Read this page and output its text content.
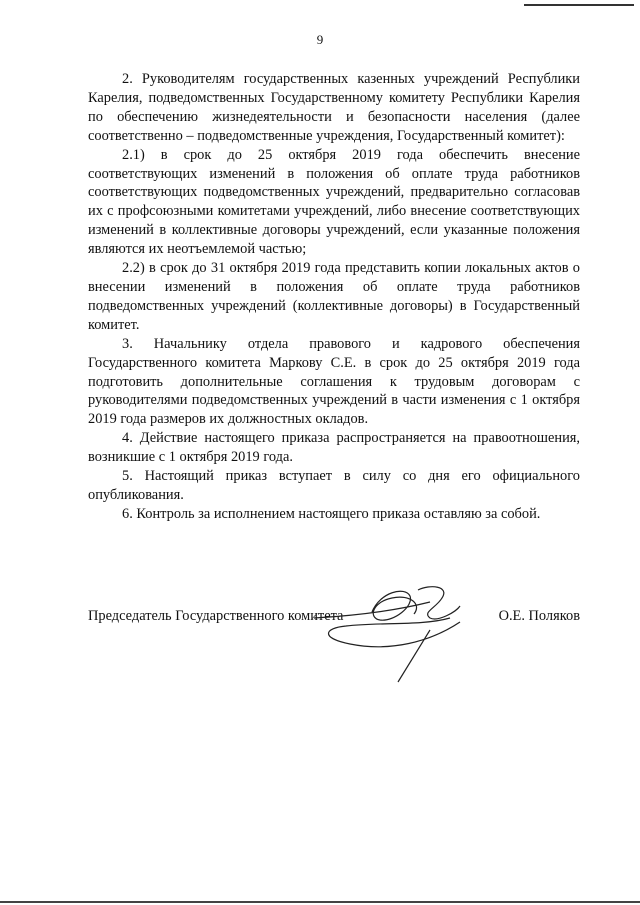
9

2. Руководителям государственных казенных учреждений Республики Карелия, подведомственных Государственному комитету Республики Карелия по обеспечению жизнедеятельности и безопасности населения (далее соответственно – подведомственные учреждения, Государственный комитет):

2.1) в срок до 25 октября 2019 года обеспечить внесение соответствующих изменений в положения об оплате труда работников соответствующих подведомственных учреждений, предварительно согласовав их с профсоюзными комитетами учреждений, либо внесение соответствующих изменений в коллективные договоры учреждений, если указанные положения являются их неотъемлемой частью;

2.2) в срок до 31 октября 2019 года представить копии локальных актов о внесении изменений в положения об оплате труда работников подведомственных учреждений (коллективные договоры) в Государственный комитет.

3. Начальнику отдела правового и кадрового обеспечения Государственного комитета Маркову С.Е. в срок до 25 октября 2019 года подготовить дополнительные соглашения к трудовым договорам с руководителями подведомственных учреждений в части изменения с 1 октября 2019 года размеров их должностных окладов.

4. Действие настоящего приказа распространяется на правоотношения, возникшие с 1 октября 2019 года.

5. Настоящий приказ вступает в силу со дня его официального опубликования.

6. Контроль за исполнением настоящего приказа оставляю за собой.

Председатель Государственного комитета	О.Е. Поляков
